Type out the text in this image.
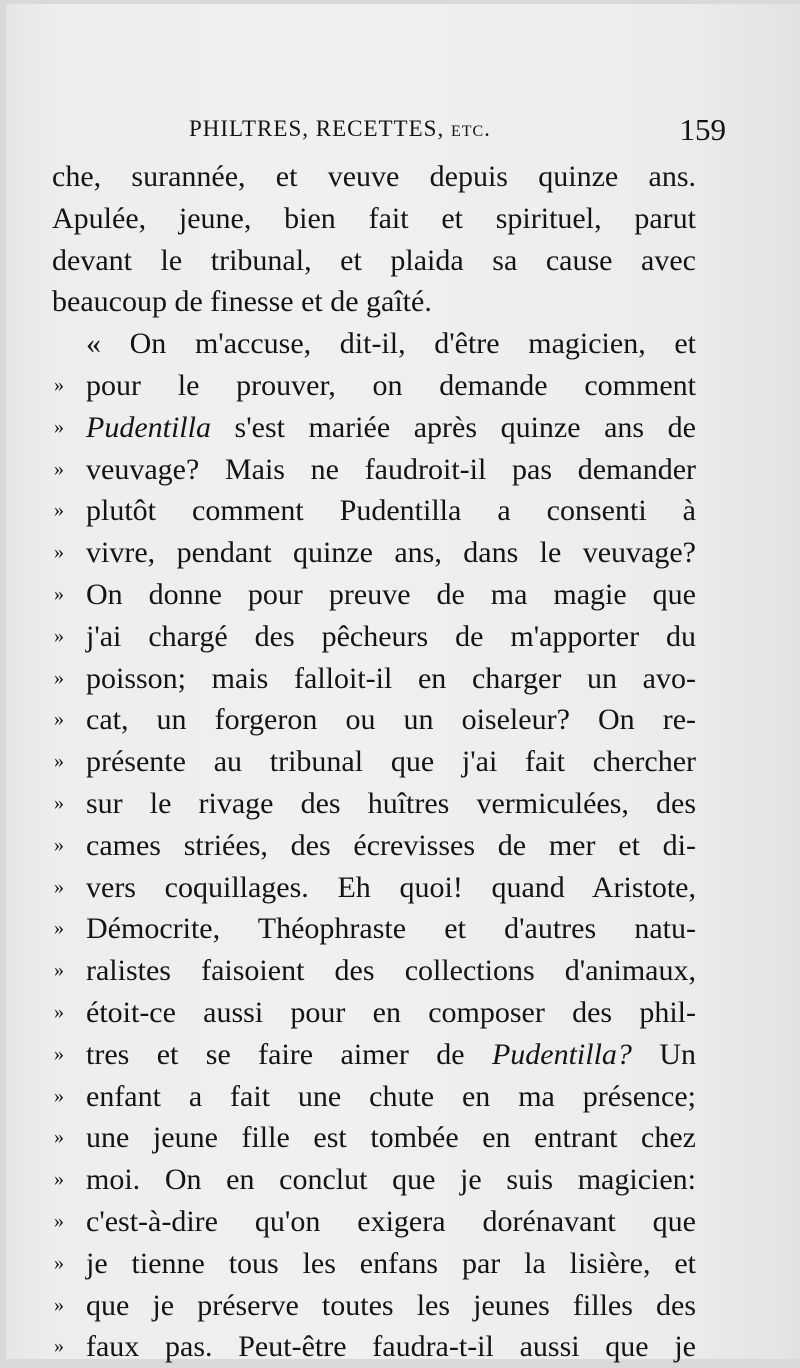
PHILTRES, RECETTES, etc.	159
che, surannée, et veuve depuis quinze ans.
Apulée, jeune, bien fait et spirituel, parut
devant le tribunal, et plaida sa cause avec
beaucoup de finesse et de gaîté.
« On m'accuse, dit-il, d'être magicien, et
» pour le prouver, on demande comment
» Pudentilla s'est mariée après quinze ans de
» veuvage? Mais ne faudroit-il pas demander
» plutôt comment Pudentilla a consenti à
» vivre, pendant quinze ans, dans le veuvage?
» On donne pour preuve de ma magie que
» j'ai chargé des pêcheurs de m'apporter du
» poisson; mais falloit-il en charger un avo-
» cat, un forgeron ou un oiseleur? On re-
» présente au tribunal que j'ai fait chercher
» sur le rivage des huîtres vermiculées, des
» cames striées, des écrevisses de mer et di-
» vers coquillages. Eh quoi! quand Aristote,
» Démocrite, Théophraste et d'autres natu-
» ralistes faisoient des collections d'animaux,
» étoit-ce aussi pour en composer des phil-
» tres et se faire aimer de Pudentilla? Un
» enfant a fait une chute en ma présence;
» une jeune fille est tombée en entrant chez
» moi. On en conclut que je suis magicien:
» c'est-à-dire qu'on exigera dorénavant que
» je tienne tous les enfans par la lisière, et
» que je préserve toutes les jeunes filles des
» faux pas. Peut-être faudra-t-il aussi que je
